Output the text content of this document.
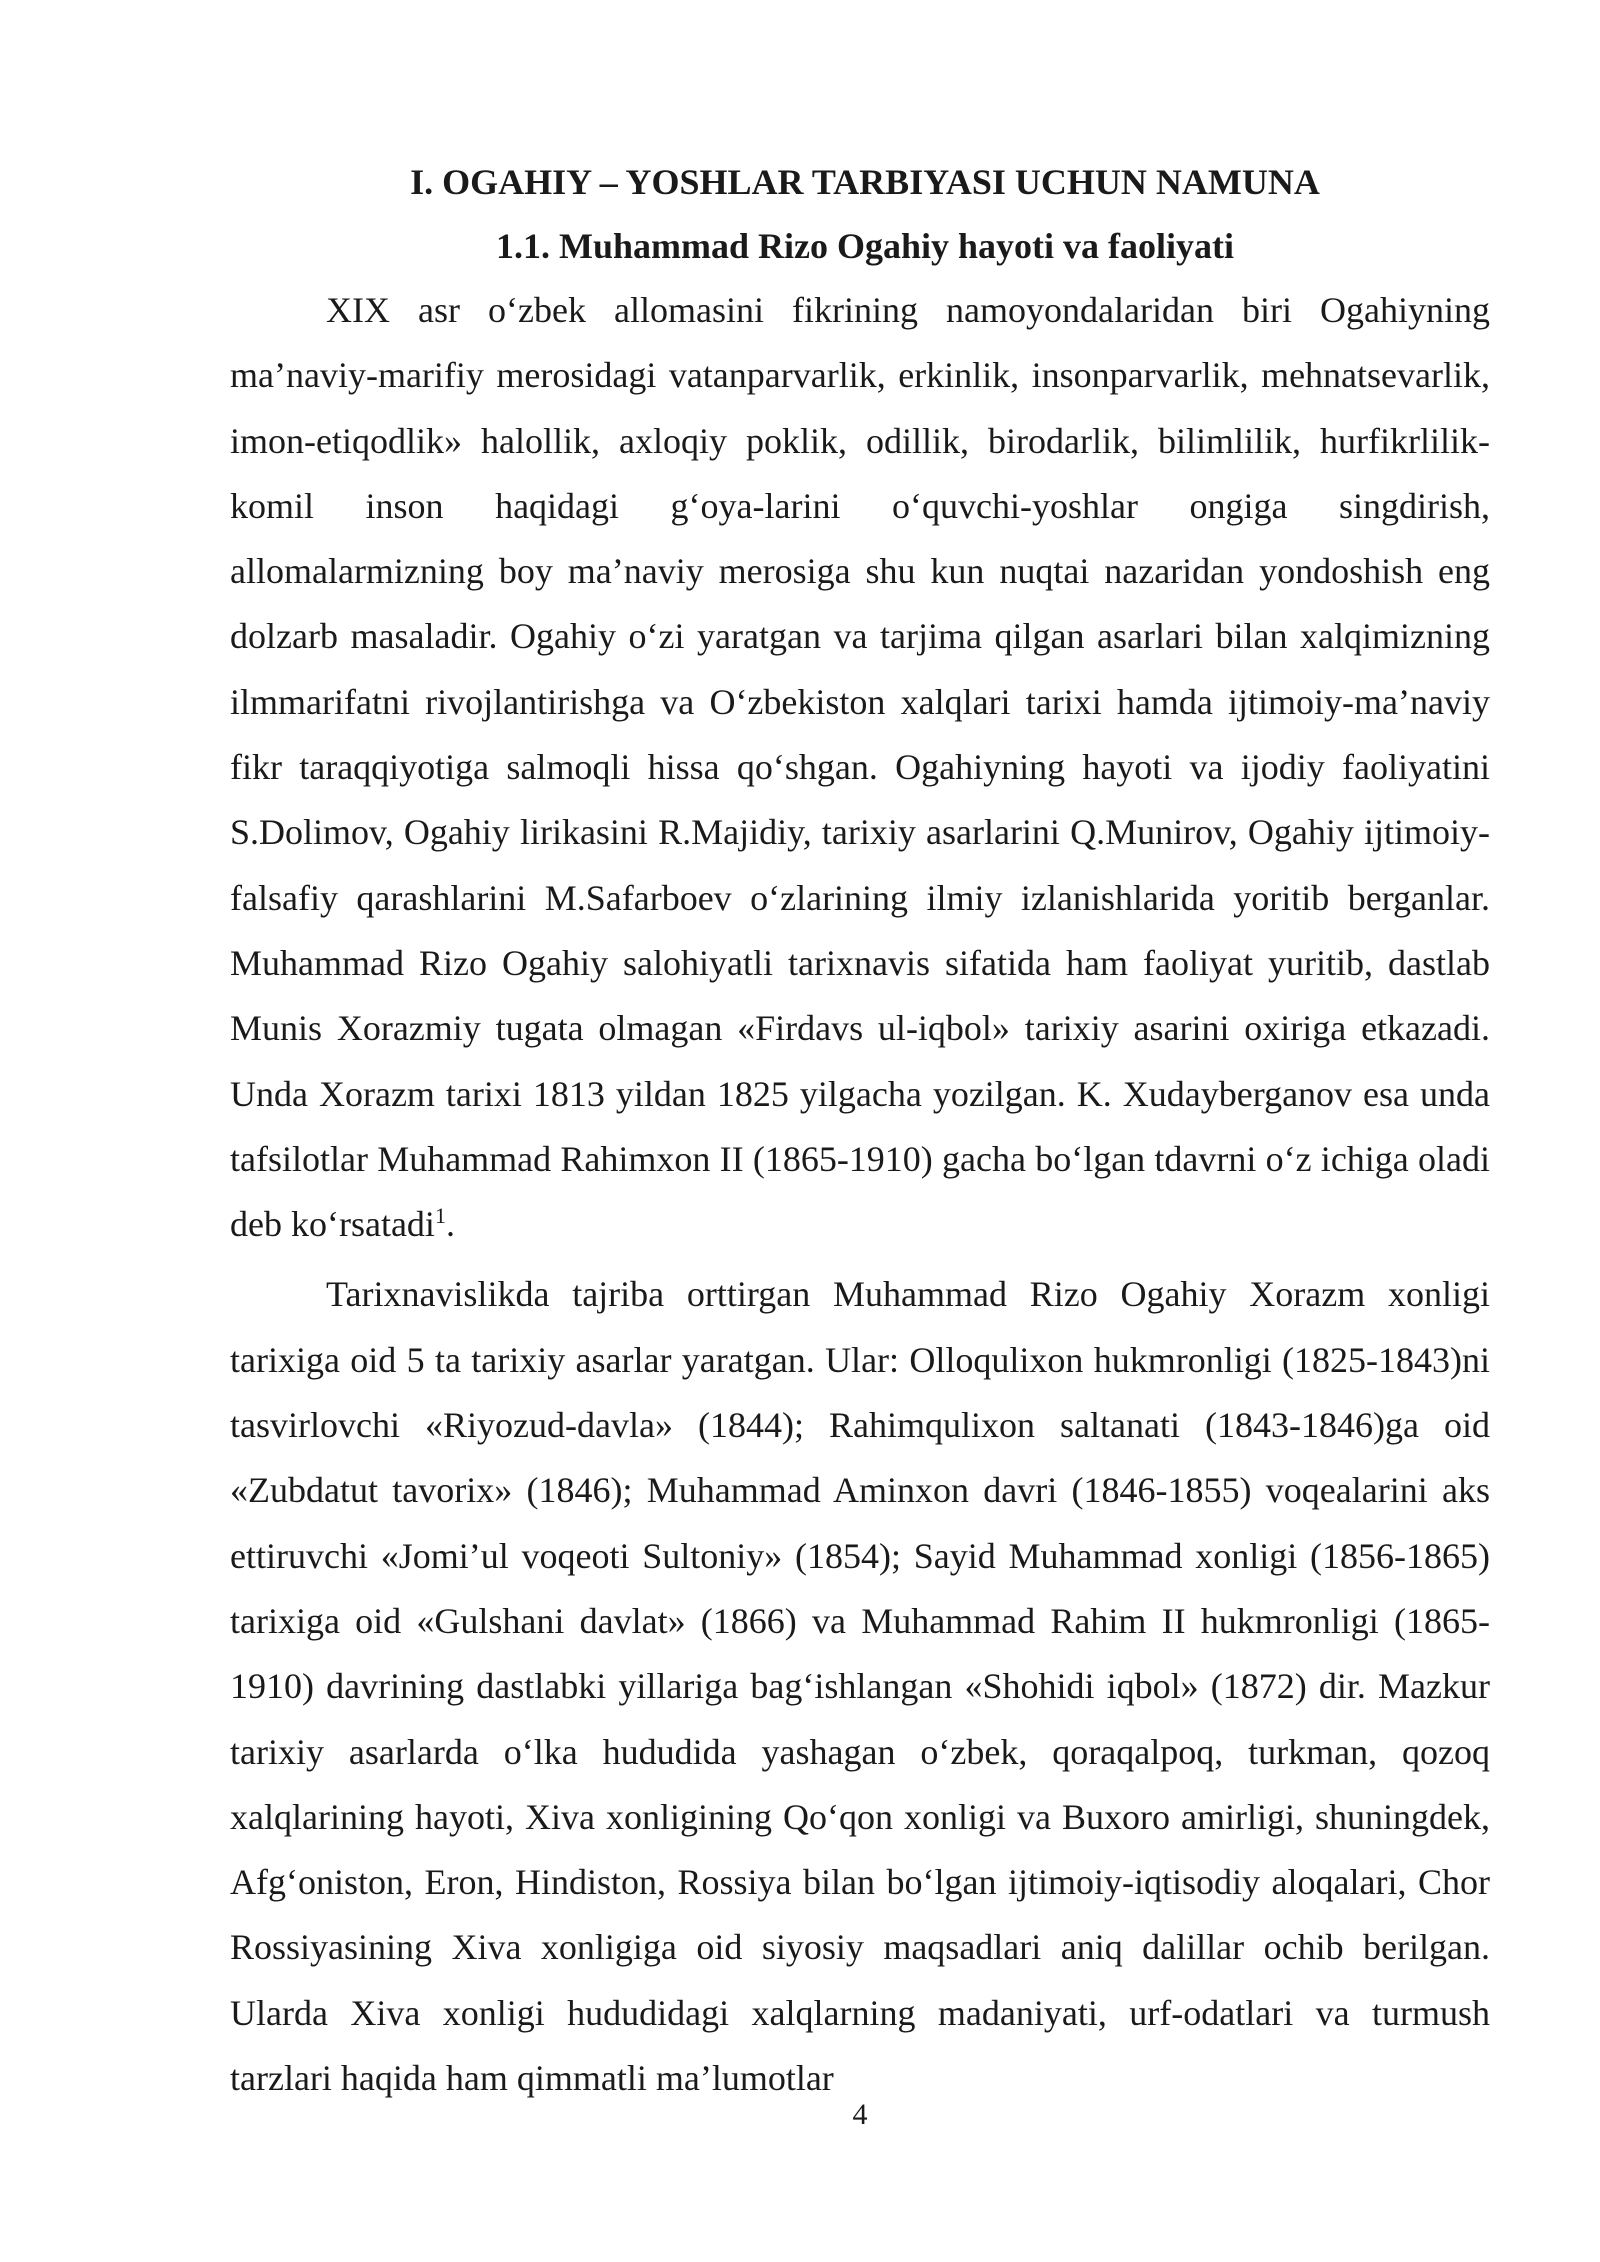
I. OGAHIY – YOSHLAR TARBIYASI UCHUN NAMUNA
1.1. Muhammad Rizo Ogahiy hayoti va faoliyati

XIX asr o‘zbek allomasini fikrining namoyondalaridan biri Ogahiyning ma’naviy-marifiy merosidagi vatanparvarlik, erkinlik, insonparvarlik, mehnatsevarlik, imon-etiqodlik» halollik, axloqiy poklik, odillik, birodarlik, bilimlilik, hurfikrlilik-komil inson haqidagi g‘oya-larini o‘quvchi-yoshlar ongiga singdirish, allomalarmizning boy ma’naviy merosiga shu kun nuqtai nazaridan yondoshish eng dolzarb masaladir. Ogahiy o‘zi yaratgan va tarjima qilgan asarlari bilan xalqimizning ilmmarifatni rivojlantirishga va O‘zbekiston xalqlari tarixi hamda ijtimoiy-ma’naviy fikr taraqqiyotiga salmoqli hissa qo‘shgan. Ogahiyning hayoti va ijodiy faoliyatini S.Dolimov, Ogahiy lirikasini R.Majidiy, tarixiy asarlarini Q.Munirov, Ogahiy ijtimoiy-falsafiy qarashlarini M.Safarboev o‘zlarining ilmiy izlanishlarida yoritib berganlar. Muhammad Rizo Ogahiy salohiyatli tarixnavis sifatida ham faoliyat yuritib, dastlab Munis Xorazmiy tugata olmagan «Firdavs ul-iqbol» tarixiy asarini oxiriga etkazadi. Unda Xorazm tarixi 1813 yildan 1825 yilgacha yozilgan. K. Xudayberganov esa unda tafsilotlar Muhammad Rahimxon II (1865-1910) gacha bo‘lgan tdavrni o‘z ichiga oladi deb ko‘rsatadi$^1$.

Tarixnavislikda tajriba orttirgan Muhammad Rizo Ogahiy Xorazm xonligi tarixiga oid 5 ta tarixiy asarlar yaratgan. Ular: Olloqulixon hukmronligi (1825-1843)ni tasvirlovchi «Riyozud-davla» (1844); Rahimqulixon saltanati (1843-1846)ga oid «Zubdatut tavorix» (1846); Muhammad Aminxon davri (1846-1855) voqealarini aks ettiruvchi «Jomi’ul voqeoti Sultoniy» (1854); Sayid Muhammad xonligi (1856-1865) tarixiga oid «Gulshani davlat» (1866) va Muhammad Rahim II hukmronligi (1865-1910) davrining dastlabki yillariga bag‘ishlangan «Shohidi iqbol» (1872) dir. Mazkur tarixiy asarlarda o‘lka hududida yashagan o‘zbek, qoraqalpoq, turkman, qozoq xalqlarining hayoti, Xiva xonligining Qo‘qon xonligi va Buxoro amirligi, shuningdek, Afg‘oniston, Eron, Hindiston, Rossiya bilan bo‘lgan ijtimoiy-iqtisodiy aloqalari, Chor Rossiyasining Xiva xonligiga oid siyosiy maqsadlari aniq dalillar ochib berilgan. Ularda Xiva xonligi hududidagi xalqlarning madaniyati, urf-odatlari va turmush tarzlari haqida ham qimmatli ma’lumotlar

4
